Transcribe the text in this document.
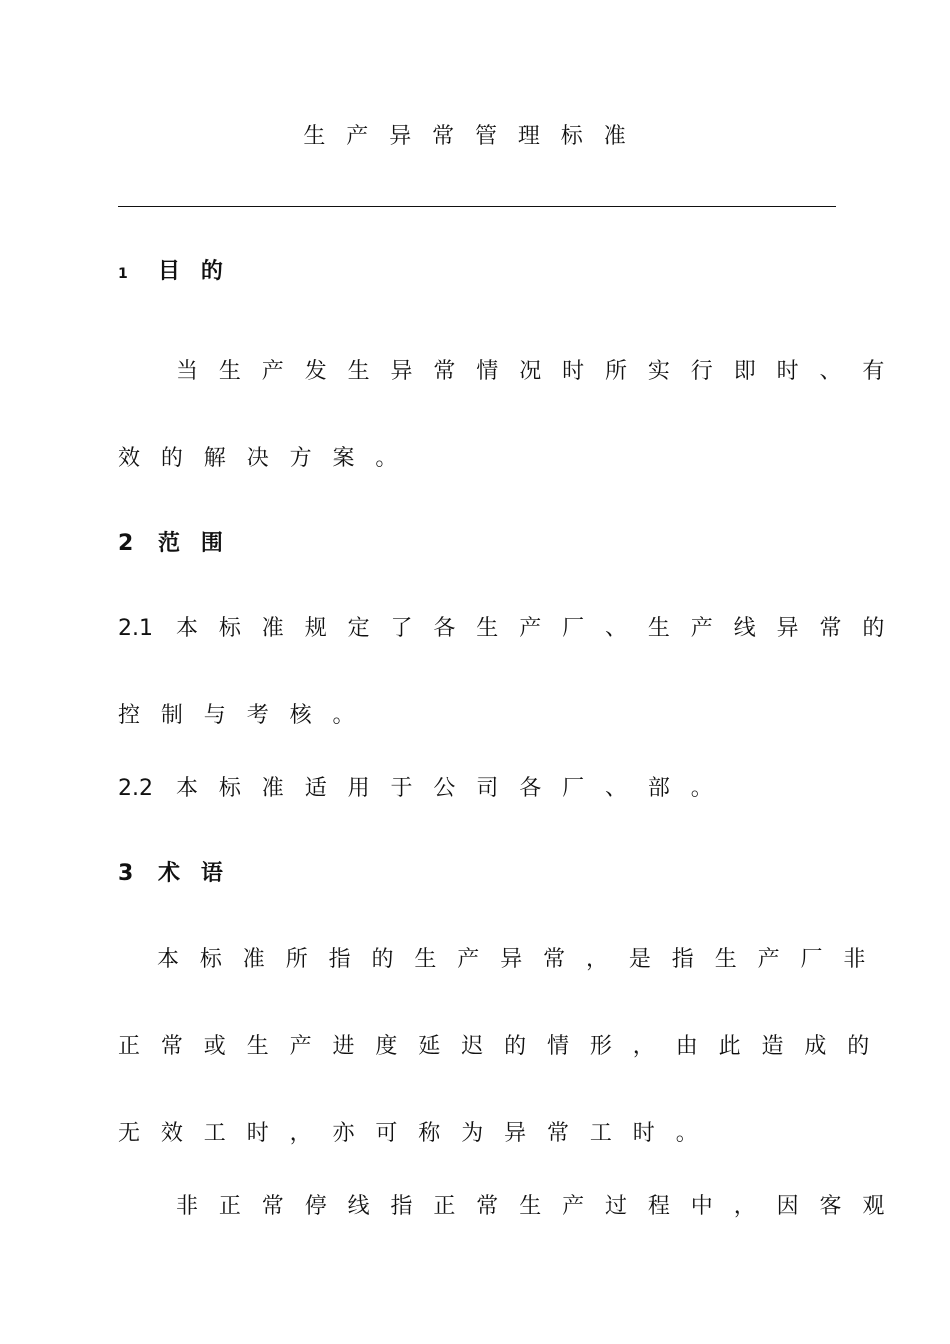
生产异常管理标准
1 目的
当生产发生异常情况时所实行即时、有
效的解决方案。
2 范围
2.1 本标准规定了各生产厂、生产线异常的
控制与考核。
2.2 本标准适用于公司各厂、部。
3 术语
本标准所指的生产异常，是指生产厂非
正常或生产进度延迟的情形，由此造成的
无效工时，亦可称为异常工时。
非正常停线指正常生产过程中，因客观
